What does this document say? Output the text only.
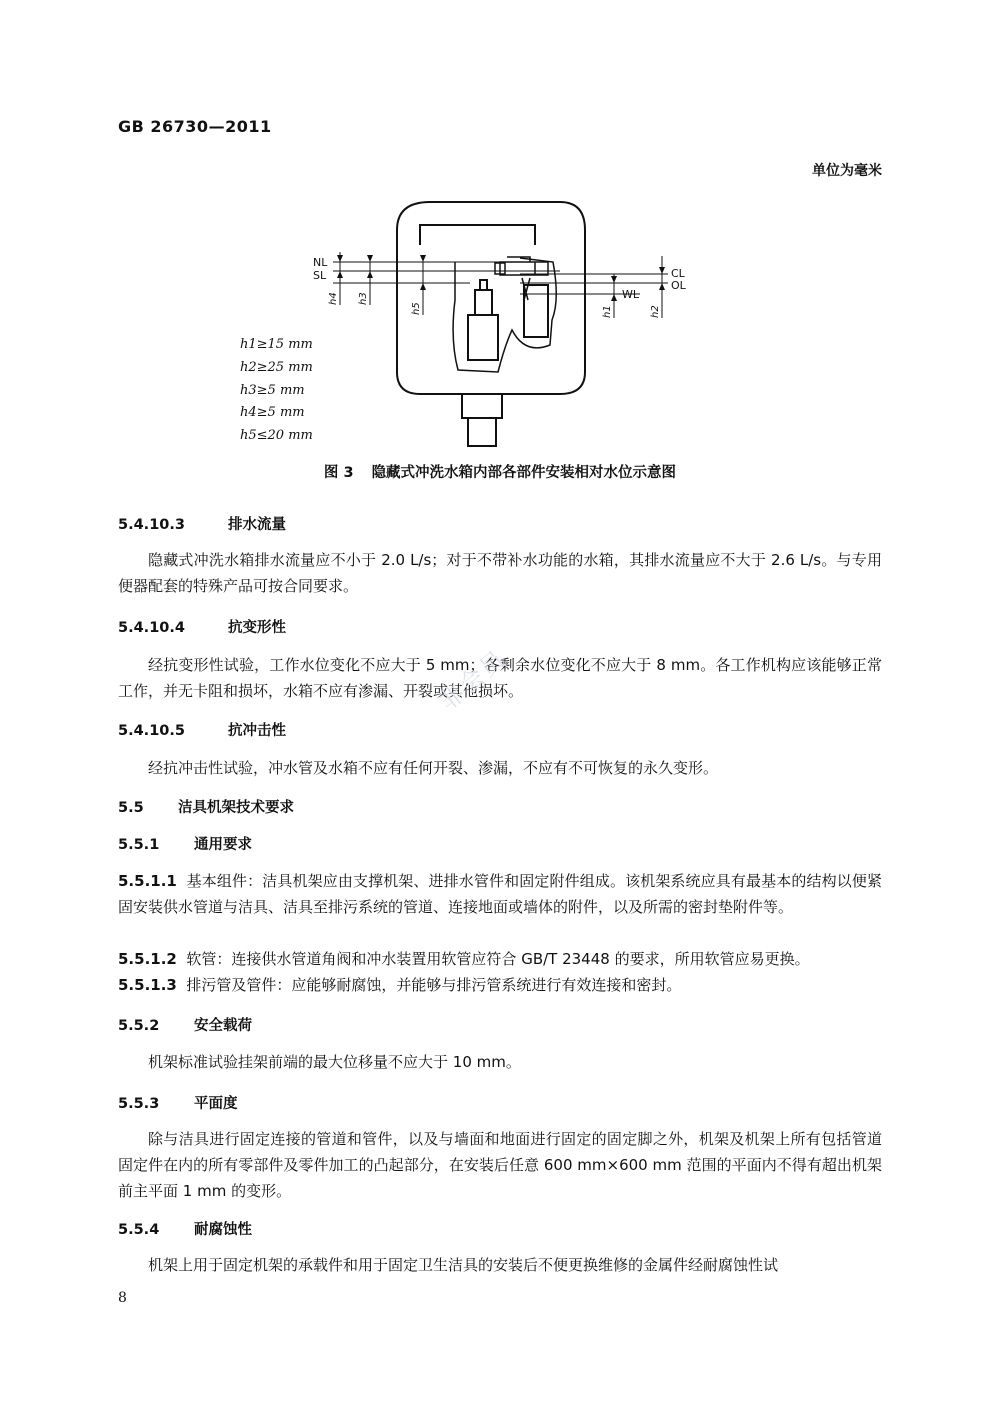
GB 26730—2011
单位为毫米
NL
SL	CL
OL
WL
h4 h3
h5	h1	h2
h1≥15 mm
h2≥25 mm
h3≥5 mm
h4≥5 mm
h5≤20 mm
图 3 隐藏式冲洗水箱内部各部件安装相对水位示意图
5.4.10.3	排水流量
隐藏式冲洗水箱排水流量应不小于 2.0 L/s；对于不带补水功能的水箱，其排水流量应不大于 2.6 L/s。与专用便器配套的特殊产品可按合同要求。
5.4.10.4	抗变形性
经抗变形性试验，工作水位变化不应大于 5 mm；各剩余水位变化不应大于 8 mm。各工作机构应该能够正常工作，并无卡阻和损坏，水箱不应有渗漏、开裂或其他损坏。
5.4.10.5	抗冲击性
经抗冲击性试验，冲水管及水箱不应有任何开裂、渗漏，不应有不可恢复的永久变形。
5.5 洁具机架技术要求
5.5.1 通用要求
5.5.1.1 基本组件：洁具机架应由支撑机架、进排水管件和固定附件组成。该机架系统应具有最基本的结构以便紧固安装供水管道与洁具、洁具至排污系统的管道、连接地面或墙体的附件，以及所需的密封垫附件等。
5.5.1.2 软管：连接供水管道角阀和冲水装置用软管应符合 GB/T 23448 的要求，所用软管应易更换。
5.5.1.3 排污管及管件：应能够耐腐蚀，并能够与排污管系统进行有效连接和密封。
5.5.2 安全载荷
机架标准试验挂架前端的最大位移量不应大于 10 mm。
5.5.3 平面度
除与洁具进行固定连接的管道和管件，以及与墙面和地面进行固定的固定脚之外，机架及机架上所有包括管道固定件在内的所有零部件及零件加工的凸起部分，在安装后任意 600 mm×600 mm 范围的平面内不得有超出机架前主平面 1 mm 的变形。
5.5.4 耐腐蚀性
机架上用于固定机架的承载件和用于固定卫生洁具的安装后不便更换维修的金属件经耐腐蚀性试
非会员
8
